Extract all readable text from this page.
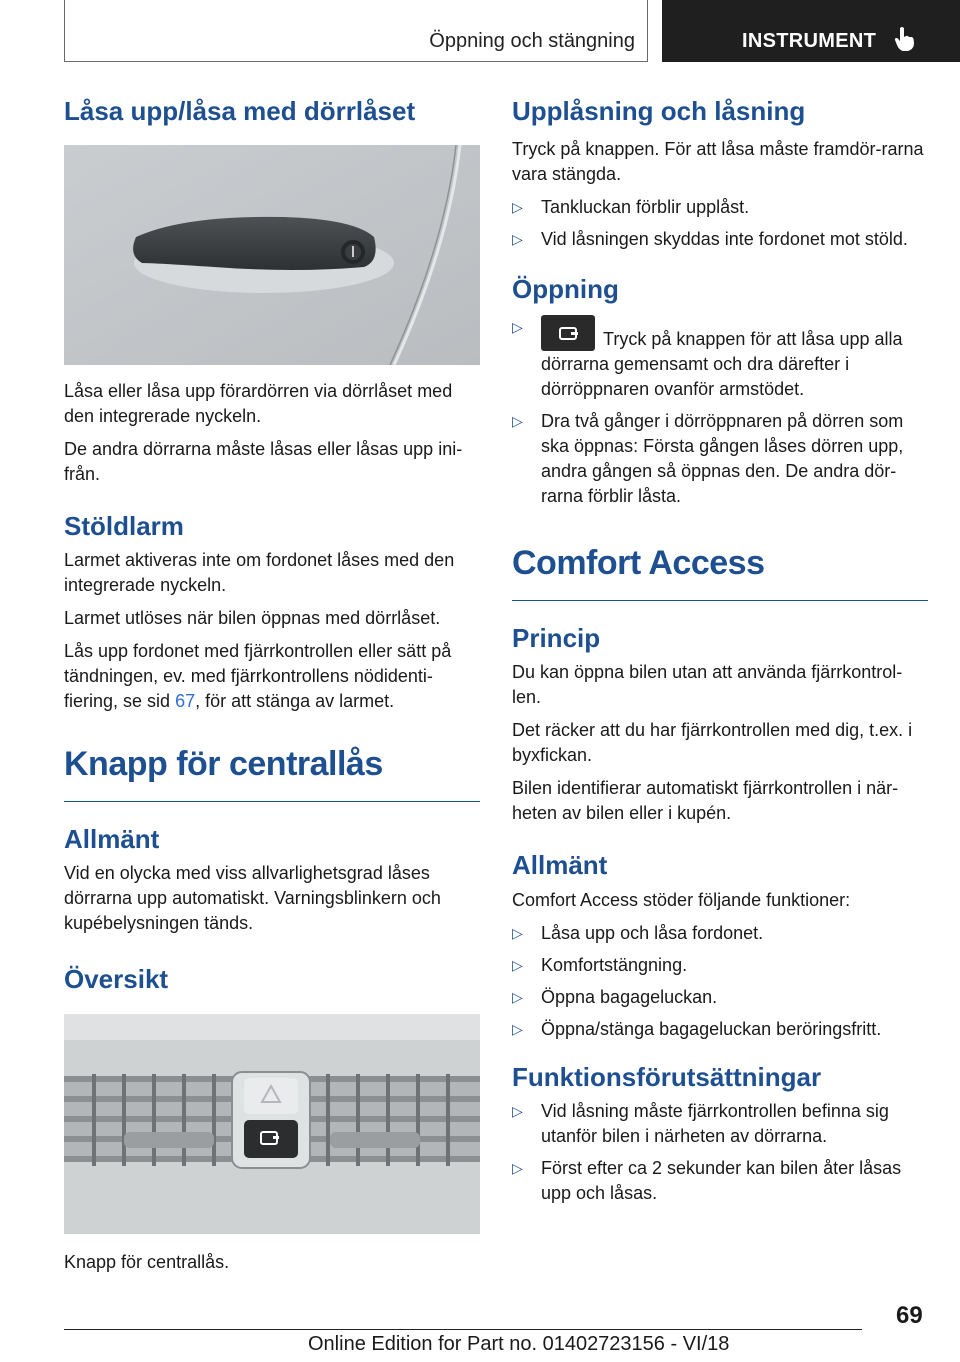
Öppning och stängning	INSTRUMENT
Låsa upp/låsa med dörrlåset

Låsa eller låsa upp förardörren via dörrlåset med den integrerade nyckeln.

De andra dörrarna måste låsas eller låsas upp ini‐från.

Stöldlarm

Larmet aktiveras inte om fordonet låses med den integrerade nyckeln.

Larmet utlöses när bilen öppnas med dörrlåset.

Lås upp fordonet med fjärrkontrollen eller sätt på tändningen, ev. med fjärrkontrollens nödidenti‐fiering, se sid 67, för att stänga av larmet.

Knapp för centrallås
Allmänt

Vid en olycka med viss allvarlighetsgrad låses dörrarna upp automatiskt. Varningsblinkern och kupébelysningen tänds.

Översikt

Knapp för centrallås.

Upplåsning och låsning

Tryck på knappen. För att låsa måste framdör‐rarna vara stängda.

▷ Tankluckan förblir upplåst.
▷ Vid låsningen skyddas inte fordonet mot stöld.
Öppning
▷
Tryck på knappen för att låsa upp alla dörrarna gemensamt och dra därefter i dörröppnaren ovanför armstödet.
▷ Dra två gånger i dörröppnaren på dörren som ska öppnas: Första gången låses dörren upp, andra gången så öppnas den. De andra dör‐rarna förblir låsta.
Comfort Access
Princip

Du kan öppna bilen utan att använda fjärrkontrol‐len.

Det räcker att du har fjärrkontrollen med dig, t.ex. i byxfickan.

Bilen identifierar automatiskt fjärrkontrollen i när‐heten av bilen eller i kupén.

Allmänt

Comfort Access stöder följande funktioner:

▷ Låsa upp och låsa fordonet.
▷ Komfortstängning.
▷ Öppna bagageluckan.
▷ Öppna/stänga bagageluckan beröringsfritt.
Funktionsförutsättningar
▷ Vid låsning måste fjärrkontrollen befinna sig utanför bilen i närheten av dörrarna.
▷ Först efter ca 2 sekunder kan bilen åter låsas upp och låsas.
69
Online Edition for Part no. 01402723156 - VI/18
